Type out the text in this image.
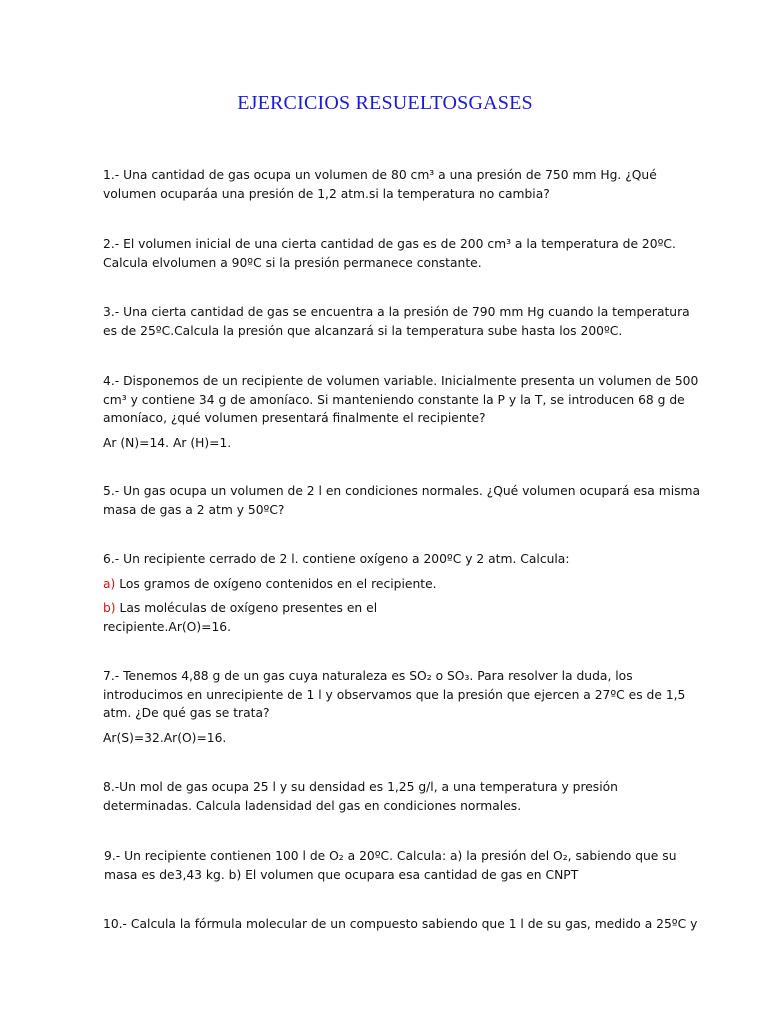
EJERCICIOS RESUELTOSGASES
1.- Una cantidad de gas ocupa un volumen de 80 cm³ a una presión de 750 mm Hg. ¿Qué
volumen ocuparáa una presión de 1,2 atm.si la temperatura no cambia?
2.- El volumen inicial de una cierta cantidad de gas es de 200 cm³ a la temperatura de 20ºC.
Calcula elvolumen a 90ºC si la presión permanece constante.
3.- Una cierta cantidad de gas se encuentra a la presión de 790 mm Hg cuando la temperatura
es de 25ºC.Calcula la presión que alcanzará si la temperatura sube hasta los 200ºC.
4.- Disponemos de un recipiente de volumen variable. Inicialmente presenta un volumen de 500
cm³ y contiene 34 g de amoníaco. Si manteniendo constante la P y la T, se introducen 68 g de
amoníaco, ¿qué volumen presentará finalmente el recipiente?

Ar (N)=14. Ar (H)=1.

5.- Un gas ocupa un volumen de 2 l en condiciones normales. ¿Qué volumen ocupará esa misma
masa de gas a 2 atm y 50ºC?
6.- Un recipiente cerrado de 2 l. contiene oxígeno a 200ºC y 2 atm. Calcula:
a) Los gramos de oxígeno contenidos en el recipiente.
b) Las moléculas de oxígeno presentes en el
recipiente.Ar(O)=16.
7.- Tenemos 4,88 g de un gas cuya naturaleza es SO₂ o SO₃. Para resolver la duda, los
introducimos en unrecipiente de 1 l y observamos que la presión que ejercen a 27ºC es de 1,5
atm. ¿De qué gas se trata?

Ar(S)=32.Ar(O)=16.

8.-Un mol de gas ocupa 25 l y su densidad es 1,25 g/l, a una temperatura y presión
determinadas. Calcula ladensidad del gas en condiciones normales.
9.- Un recipiente contienen 100 l de O₂ a 20ºC. Calcula: a) la presión del O₂, sabiendo que su
masa es de3,43 kg. b) El volumen que ocupara esa cantidad de gas en CNPT
10.- Calcula la fórmula molecular de un compuesto sabiendo que 1 l de su gas, medido a 25ºC y
